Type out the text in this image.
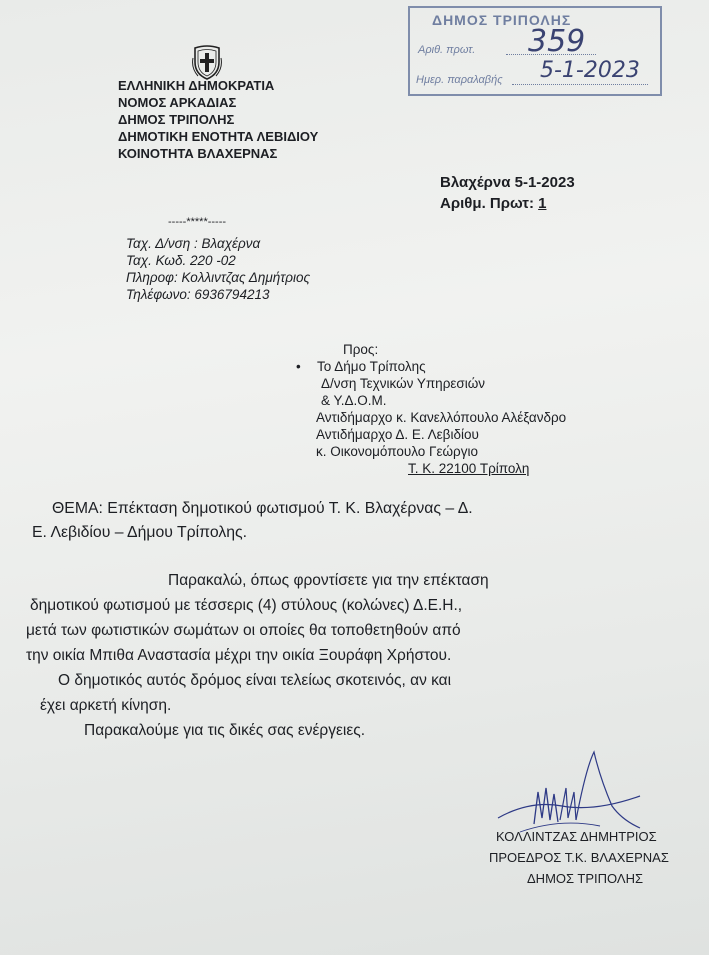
ΔΗΜΟΣ ΤΡΙΠΟΛΗΣ
Αριθ. πρωτ. 359
Ημερ. παραλαβής 5-1-2023
ΕΛΛΗΝΙΚΗ ΔΗΜΟΚΡΑΤΙΑ
ΝΟΜΟΣ ΑΡΚΑΔΙΑΣ
ΔΗΜΟΣ ΤΡΙΠΟΛΗΣ
ΔΗΜΟΤΙΚΗ ΕΝΟΤΗΤΑ ΛΕΒΙΔΙΟΥ
ΚΟΙΝΟΤΗΤΑ ΒΛΑΧΕΡΝΑΣ
Βλαχέρνα 5-1-2023
Αριθμ. Πρωτ: 1
-----*****-----
Ταχ. Δ/νση : Βλαχέρνα
Ταχ. Κωδ. 220 -02
Πληροφ: Κολλιντζας Δημήτριος
Τηλέφωνο: 6936794213
Προς:
• Το Δήμο Τρίπολης
Δ/νση Τεχνικών Υπηρεσιών
& Υ.Δ.Ο.Μ.
Αντιδήμαρχο κ. Κανελλόπουλο Αλέξανδρο
Αντιδήμαρχο Δ. Ε. Λεβιδίου
κ. Οικονομόπουλο Γεώργιο
Τ. Κ. 22100 Τρίπολη
ΘΕΜΑ: Επέκταση δημοτικού φωτισμού Τ. Κ. Βλαχέρνας – Δ.
Ε. Λεβιδίου – Δήμου Τρίπολης.
Παρακαλώ, όπως φροντίσετε για την επέκταση
δημοτικού φωτισμού με τέσσερις (4) στύλους (κολώνες) Δ.Ε.Η.,
μετά των φωτιστικών σωμάτων οι οποίες θα τοποθετηθούν από
την οικία Μπιθα Αναστασία μέχρι την οικία Ξουράφη Χρήστου.
Ο δημοτικός αυτός δρόμος είναι τελείως σκοτεινός, αν και
έχει αρκετή κίνηση.
Παρακαλούμε για τις δικές σας ενέργειες.
ΚΟΛΛΙΝΤΖΑΣ ΔΗΜΗΤΡΙΟΣ
ΠΡΟΕΔΡΟΣ Τ.Κ. ΒΛΑΧΕΡΝΑΣ
ΔΗΜΟΣ ΤΡΙΠΟΛΗΣ
